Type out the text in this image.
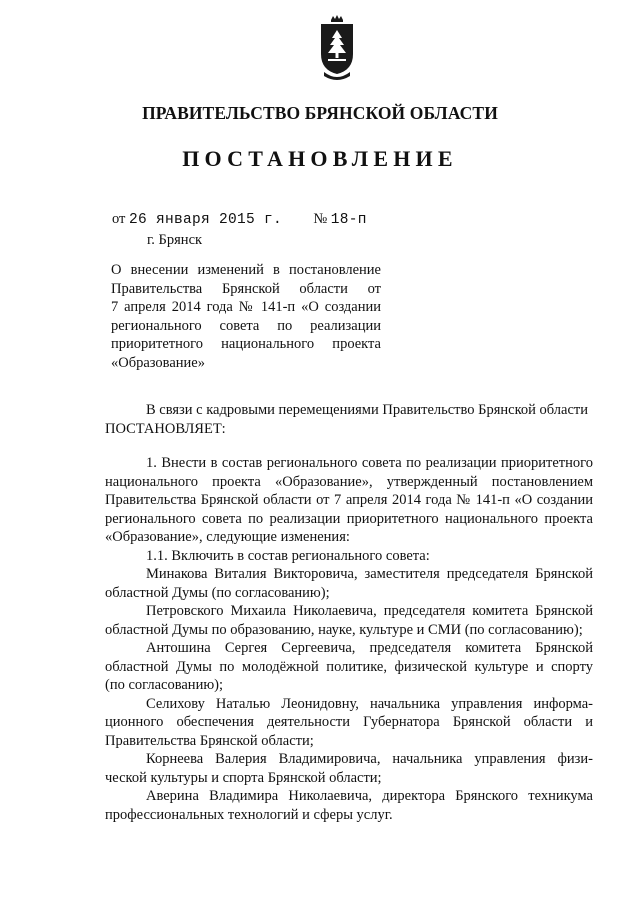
ПРАВИТЕЛЬСТВО БРЯНСКОЙ ОБЛАСТИ
ПОСТАНОВЛЕНИЕ
от 26 января 2015 г. № 18-п
г. Брянск
О внесении изменений в постановление
Правительства Брянской области от
7 апреля 2014 года № 141-п «О создании
регионального совета по реализации
приоритетного национального проекта
«Образование»
В связи с кадровыми перемещениями Правительство Брянской области
ПОСТАНОВЛЯЕТ:
1. Внести в состав регионального совета по реализации приоритетного
национального проекта «Образование», утвержденный постановлением
Правительства Брянской области от 7 апреля 2014 года № 141-п «О создании
регионального совета по реализации приоритетного национального проекта
«Образование», следующие изменения:
1.1. Включить в состав регионального совета:
Минакова Виталия Викторовича, заместителя председателя Брянской
областной Думы (по согласованию);
Петровского Михаила Николаевича, председателя комитета Брянской
областной Думы по образованию, науке, культуре и СМИ (по согласованию);
Антошина Сергея Сергеевича, председателя комитета Брянской
областной Думы по молодёжной политике, физической культуре и спорту
(по согласованию);
Селихову Наталью Леонидовну, начальника управления информа-
ционного обеспечения деятельности Губернатора Брянской области и
Правительства Брянской области;
Корнеева Валерия Владимировича, начальника управления физи-
ческой культуры и спорта Брянской области;
Аверина Владимира Николаевича, директора Брянского техникума
профессиональных технологий и сферы услуг.
